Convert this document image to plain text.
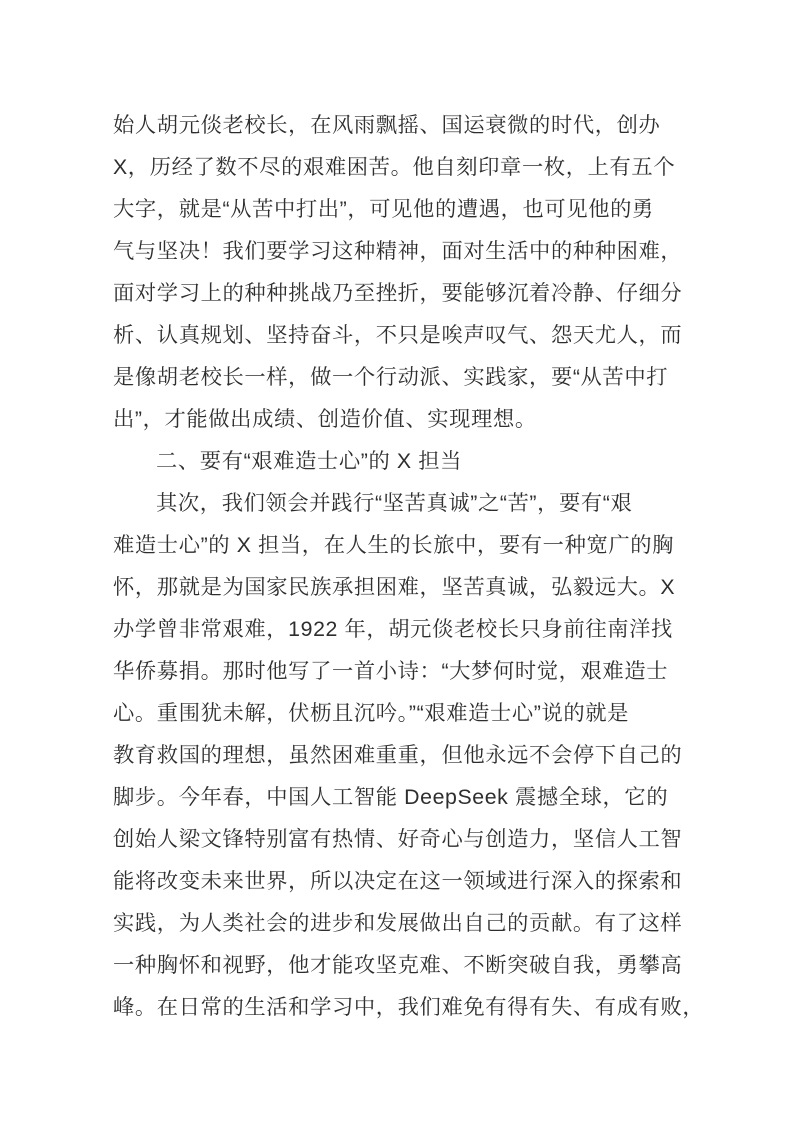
始人胡元倓老校长，在风雨飘摇、国运衰微的时代，创办
X，历经了数不尽的艰难困苦。他自刻印章一枚，上有五个
大字，就是“从苦中打出”，可见他的遭遇，也可见他的勇
气与坚决！我们要学习这种精神，面对生活中的种种困难，
面对学习上的种种挑战乃至挫折，要能够沉着冷静、仔细分
析、认真规划、坚持奋斗，不只是唉声叹气、怨天尤人，而
是像胡老校长一样，做一个行动派、实践家，要“从苦中打
出”，才能做出成绩、创造价值、实现理想。
二、要有“艰难造士心”的 X 担当
其次，我们领会并践行“坚苦真诚”之“苦”，要有“艰
难造士心”的 X 担当，在人生的长旅中，要有一种宽广的胸
怀，那就是为国家民族承担困难，坚苦真诚，弘毅远大。X
办学曾非常艰难，1922 年，胡元倓老校长只身前往南洋找
华侨募捐。那时他写了一首小诗：“大梦何时觉，艰难造士
心。重围犹未解，伏枥且沉吟。”“艰难造士心”说的就是
教育救国的理想，虽然困难重重，但他永远不会停下自己的
脚步。今年春，中国人工智能 DeepSeek 震撼全球，它的
创始人梁文锋特别富有热情、好奇心与创造力，坚信人工智
能将改变未来世界，所以决定在这一领域进行深入的探索和
实践，为人类社会的进步和发展做出自己的贡献。有了这样
一种胸怀和视野，他才能攻坚克难、不断突破自我，勇攀高
峰。在日常的生活和学习中，我们难免有得有失、有成有败，
